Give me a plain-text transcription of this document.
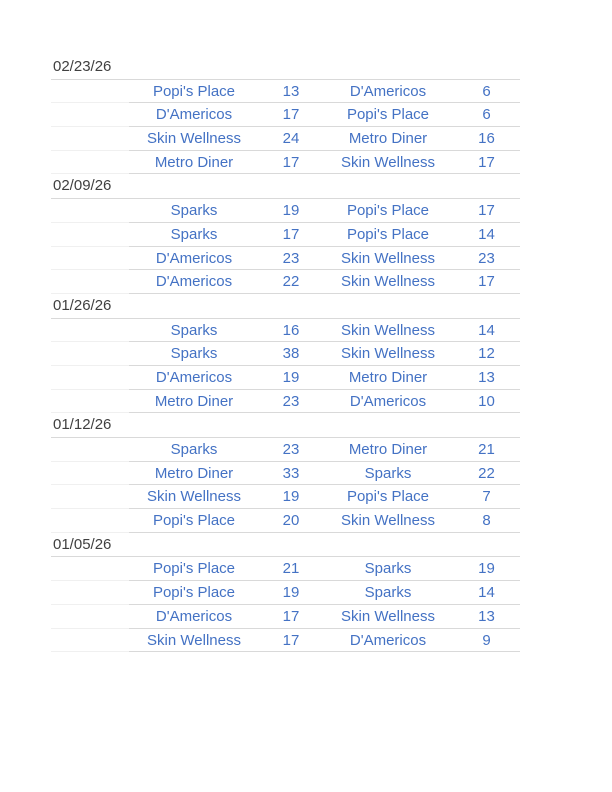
02/23/26
Popi's Place	13	D'Americos	6
D'Americos	17	Popi's Place	6
Skin Wellness	24	Metro Diner	16
Metro Diner	17	Skin Wellness	17
02/09/26
Sparks	19	Popi's Place	17
Sparks	17	Popi's Place	14
D'Americos	23	Skin Wellness	23
D'Americos	22	Skin Wellness	17
01/26/26
Sparks	16	Skin Wellness	14
Sparks	38	Skin Wellness	12
D'Americos	19	Metro Diner	13
Metro Diner	23	D'Americos	10
01/12/26
Sparks	23	Metro Diner	21
Metro Diner	33	Sparks	22
Skin Wellness	19	Popi's Place	7
Popi's Place	20	Skin Wellness	8
01/05/26
Popi's Place	21	Sparks	19
Popi's Place	19	Sparks	14
D'Americos	17	Skin Wellness	13
Skin Wellness	17	D'Americos	9
